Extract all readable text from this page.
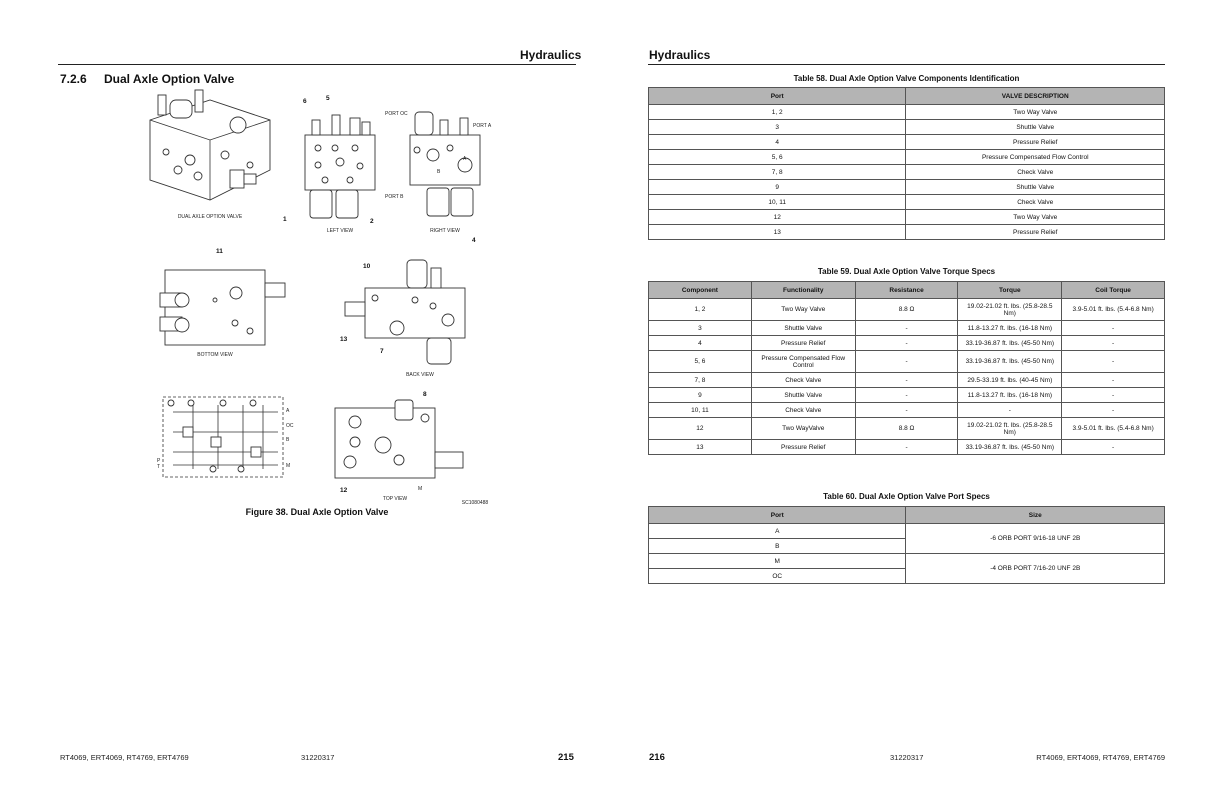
Hydraulics
7.2.6 Dual Axle Option Valve
DUAL AXLE OPTION VALVE
LEFT VIEW	RIGHT VIEW
BOTTOM VIEW
BACK VIEW
A
OC
B
M
P
T
TOP VIEW
SC1080488
6	5
1	2
PORT OC
PORT A
PORT B
A
B
11
4
10
13
7
8
12	M
Figure 38. Dual Axle Option Valve
RT4069, ERT4069, RT4769, ERT4769	31220317	215
Hydraulics
Table 58. Dual Axle Option Valve Components Identification
Port	VALVE DESCRIPTION
1, 2	Two Way Valve
3	Shuttle Valve
4	Pressure Relief
5, 6	Pressure Compensated Flow Control
7, 8	Check Valve
9	Shuttle Valve
10, 11	Check Valve
12	Two Way Valve
13	Pressure Relief
Table 59. Dual Axle Option Valve Torque Specs
Component	Functionality	Resistance	Torque	Coil Torque
1, 2	Two Way Valve	8.8 Ω	19.02-21.02 ft. lbs. (25.8-28.5 Nm)	3.9-5.01 ft. lbs. (5.4-6.8 Nm)
3	Shuttle Valve	-	11.8-13.27 ft. lbs. (16-18 Nm)	-
4	Pressure Relief	-	33.19-36.87 ft. lbs. (45-50 Nm)	-
5, 6	Pressure Compensated Flow Control	-	33.19-36.87 ft. lbs. (45-50 Nm)	-
7, 8	Check Valve	-	29.5-33.19 ft. lbs. (40-45 Nm)	-
9	Shuttle Valve	-	11.8-13.27 ft. lbs. (16-18 Nm)	-
10, 11	Check Valve	-	-	-
12	Two WayValve	8.8 Ω	19.02-21.02 ft. lbs. (25.8-28.5 Nm)	3.9-5.01 ft. lbs. (5.4-6.8 Nm)
13	Pressure Relief	-	33.19-36.87 ft. lbs. (45-50 Nm)	-
Table 60. Dual Axle Option Valve Port Specs
Port	Size
A	-6 ORB PORT 9/16-18 UNF 2B
B	
M	-4 ORB PORT 7/16-20 UNF 2B
OC	
216	31220317	RT4069, ERT4069, RT4769, ERT4769
